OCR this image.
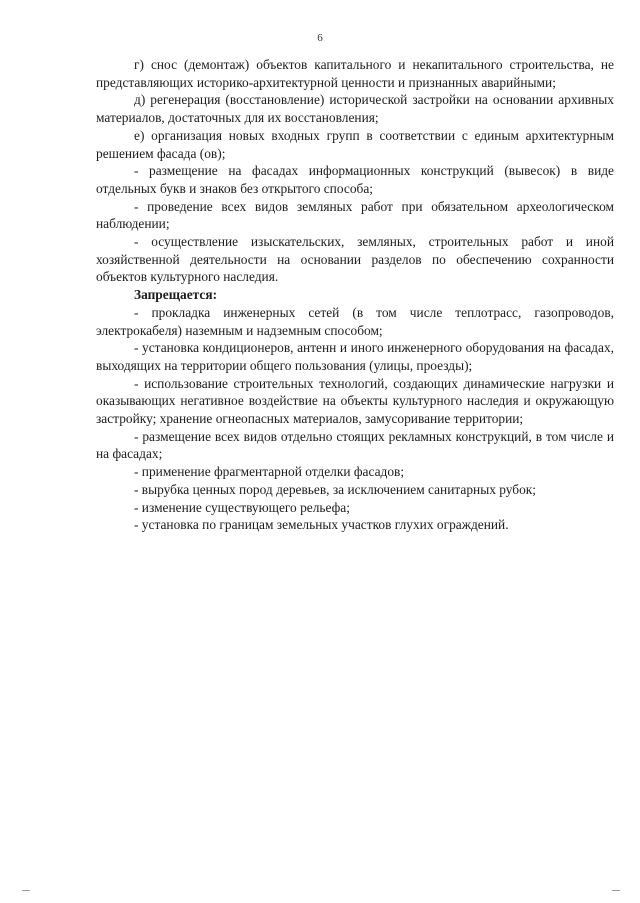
6

г) снос (демонтаж) объектов капитального и некапитального строительства, не представляющих историко-архитектурной ценности и признанных аварийными;

д) регенерация (восстановление) исторической застройки на основании архивных материалов, достаточных для их восстановления;

е) организация новых входных групп в соответствии с единым архитектурным решением фасада (ов);

- размещение на фасадах информационных конструкций (вывесок) в виде отдельных букв и знаков без открытого способа;

- проведение всех видов земляных работ при обязательном археологическом наблюдении;

- осуществление изыскательских, земляных, строительных работ и иной хозяйственной деятельности на основании разделов по обеспечению сохранности объектов культурного наследия.

Запрещается:

- прокладка инженерных сетей (в том числе теплотрасс, газопроводов, электрокабеля) наземным и надземным способом;

- установка кондиционеров, антенн и иного инженерного оборудования на фасадах, выходящих на территории общего пользования (улицы, проезды);

- использование строительных технологий, создающих динамические нагрузки и оказывающих негативное воздействие на объекты культурного наследия и окружающую застройку; хранение огнеопасных материалов, замусоривание территории;

- размещение всех видов отдельно стоящих рекламных конструкций, в том числе и на фасадах;

- применение фрагментарной отделки фасадов;

- вырубка ценных пород деревьев, за исключением санитарных рубок;

- изменение существующего рельефа;

- установка по границам земельных участков глухих ограждений.
